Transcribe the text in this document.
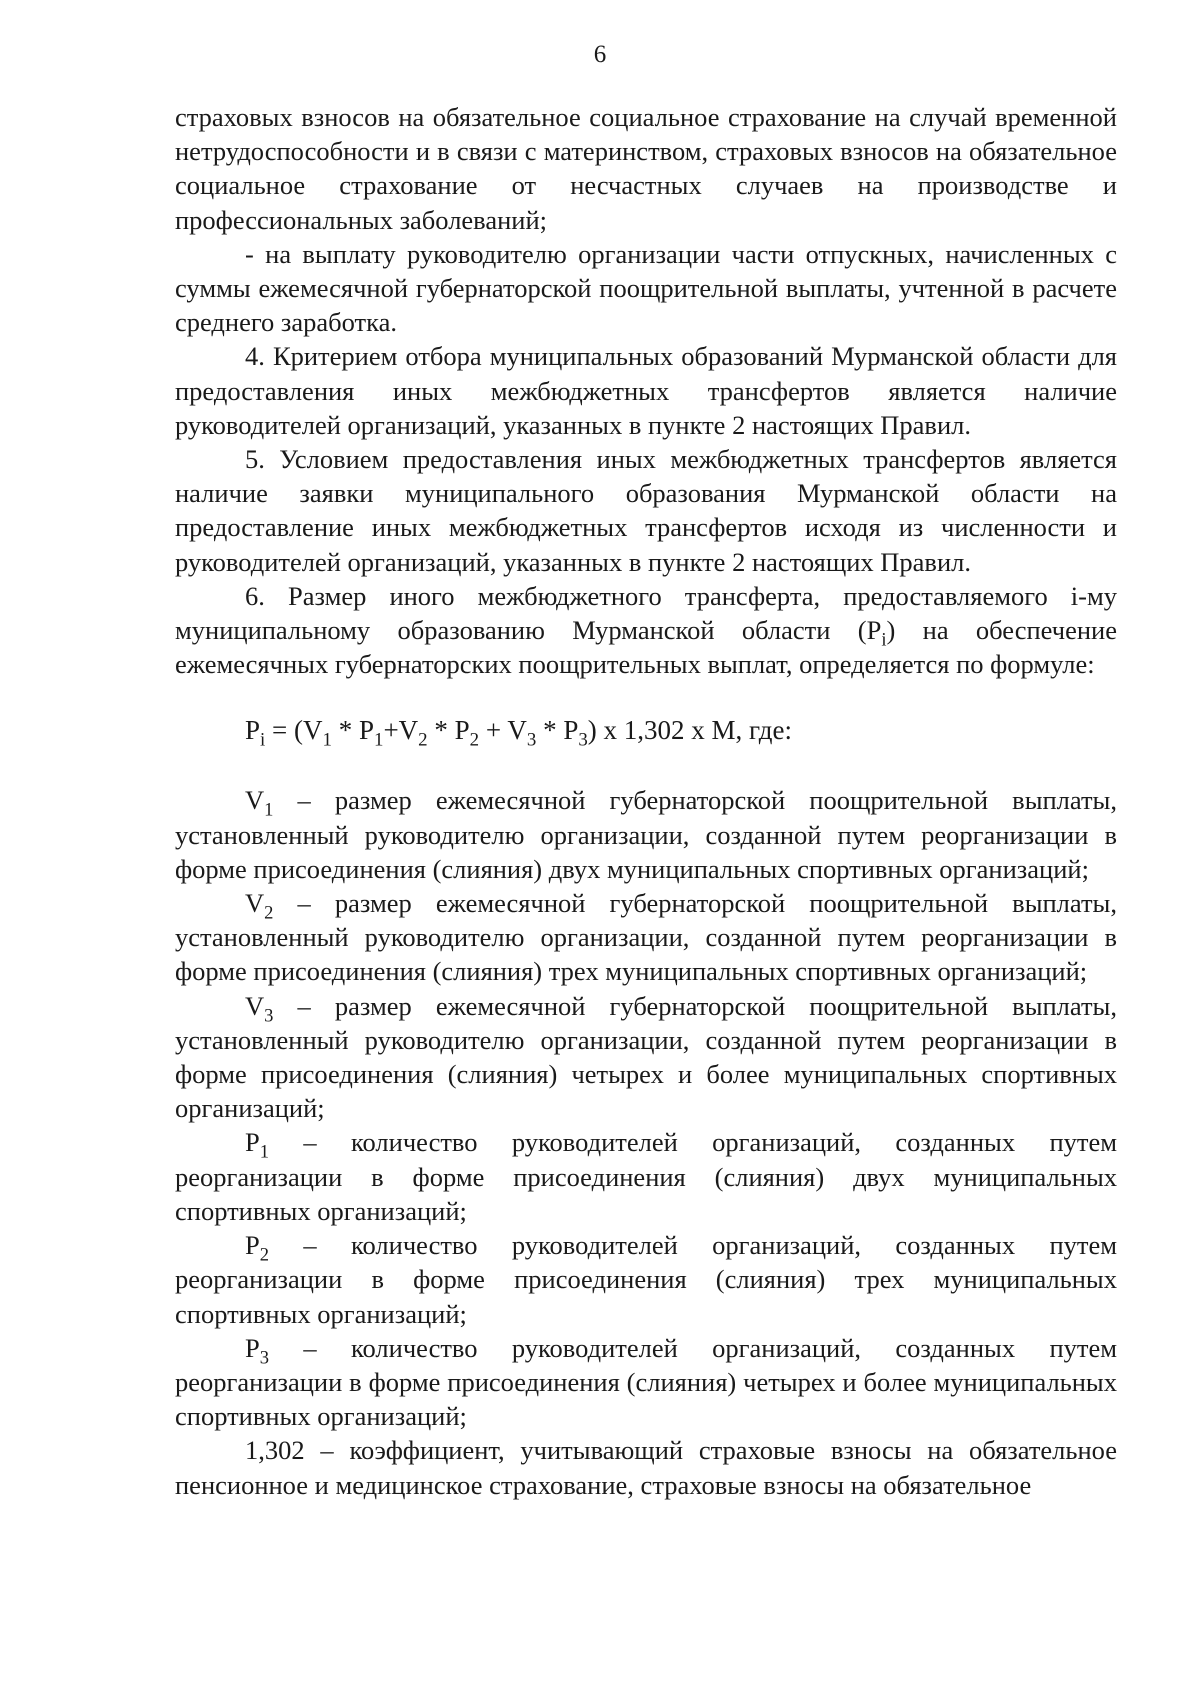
6

страховых взносов на обязательное социальное страхование на случай временной нетрудоспособности и в связи с материнством, страховых взносов на обязательное социальное страхование от несчастных случаев на производстве и профессиональных заболеваний;

- на выплату руководителю организации части отпускных, начисленных с суммы ежемесячной губернаторской поощрительной выплаты, учтенной в расчете среднего заработка.

4. Критерием отбора муниципальных образований Мурманской области для предоставления иных межбюджетных трансфертов является наличие руководителей организаций, указанных в пункте 2 настоящих Правил.

5. Условием предоставления иных межбюджетных трансфертов является наличие заявки муниципального образования Мурманской области на предоставление иных межбюджетных трансфертов исходя из численности и руководителей организаций, указанных в пункте 2 настоящих Правил.

6. Размер иного межбюджетного трансферта, предоставляемого i-му муниципальному образованию Мурманской области $(P_i)$ на обеспечение ежемесячных губернаторских поощрительных выплат, определяется по формуле:

$P_i = (V_1 * P_1+V_2 * P_2 + V_3 * P_3)$ x 1,302 x M, где:

$V_1$ – размер ежемесячной губернаторской поощрительной выплаты, установленный руководителю организации, созданной путем реорганизации в форме присоединения (слияния) двух муниципальных спортивных организаций;

$V_2$ – размер ежемесячной губернаторской поощрительной выплаты, установленный руководителю организации, созданной путем реорганизации в форме присоединения (слияния) трех муниципальных спортивных организаций;

$V_3$ – размер ежемесячной губернаторской поощрительной выплаты, установленный руководителю организации, созданной путем реорганизации в форме присоединения (слияния) четырех и более муниципальных спортивных организаций;

$P_1$ – количество руководителей организаций, созданных путем реорганизации в форме присоединения (слияния) двух муниципальных спортивных организаций;

$P_2$ – количество руководителей организаций, созданных путем реорганизации в форме присоединения (слияния) трех муниципальных спортивных организаций;

$P_3$ – количество руководителей организаций, созданных путем реорганизации в форме присоединения (слияния) четырех и более муниципальных спортивных организаций;

1,302 – коэффициент, учитывающий страховые взносы на обязательное пенсионное и медицинское страхование, страховые взносы на обязательное
